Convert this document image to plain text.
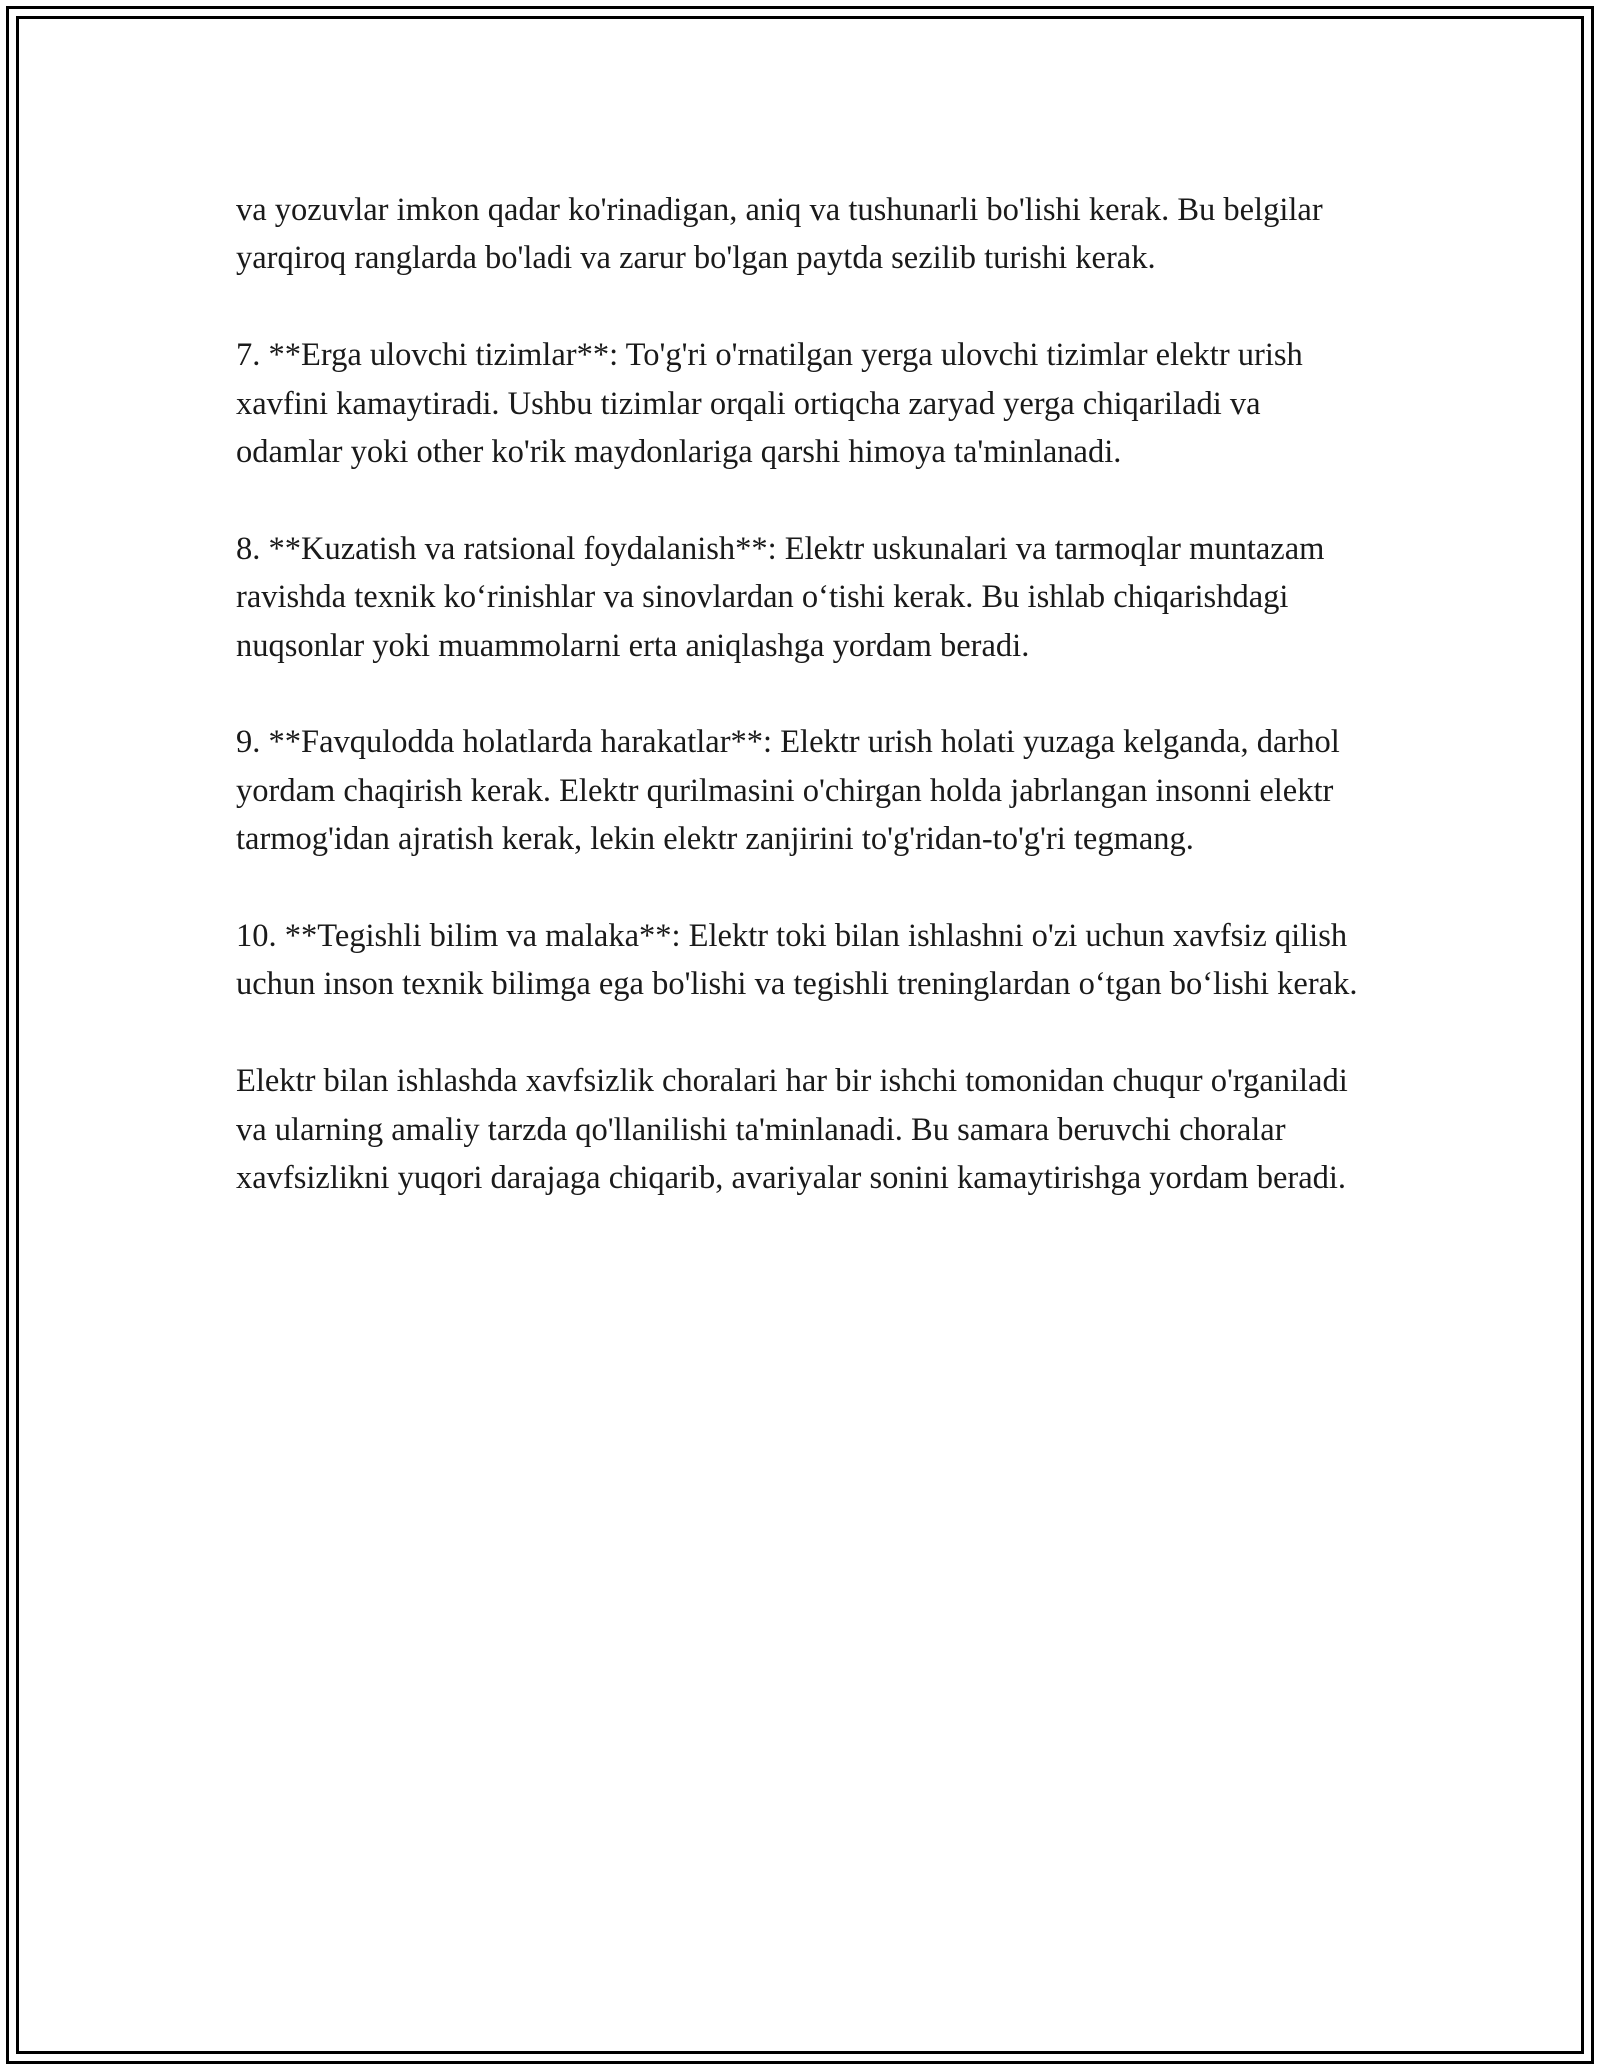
va yozuvlar imkon qadar ko'rinadigan, aniq va tushunarli bo'lishi kerak. Bu belgilar yarqiroq ranglarda bo'ladi va zarur bo'lgan paytda sezilib turishi kerak.

7. **Erga ulovchi tizimlar**: To'g'ri o'rnatilgan yerga ulovchi tizimlar elektr urish xavfini kamaytiradi. Ushbu tizimlar orqali ortiqcha zaryad yerga chiqariladi va odamlar yoki other ko'rik maydonlariga qarshi himoya ta'minlanadi.

8. **Kuzatish va ratsional foydalanish**: Elektr uskunalari va tarmoqlar muntazam ravishda texnik ko‘rinishlar va sinovlardan o‘tishi kerak. Bu ishlab chiqarishdagi nuqsonlar yoki muammolarni erta aniqlashga yordam beradi.

9. **Favqulodda holatlarda harakatlar**: Elektr urish holati yuzaga kelganda, darhol yordam chaqirish kerak. Elektr qurilmasini o'chirgan holda jabrlangan insonni elektr tarmog'idan ajratish kerak, lekin elektr zanjirini to'g'ridan-to'g'ri tegmang.

10. **Tegishli bilim va malaka**: Elektr toki bilan ishlashni o'zi uchun xavfsiz qilish uchun inson texnik bilimga ega bo'lishi va tegishli treninglardan o‘tgan bo‘lishi kerak.

Elektr bilan ishlashda xavfsizlik choralari har bir ishchi tomonidan chuqur o'rganiladi va ularning amaliy tarzda qo'llanilishi ta'minlanadi. Bu samara beruvchi choralar xavfsizlikni yuqori darajaga chiqarib, avariyalar sonini kamaytirishga yordam beradi.
